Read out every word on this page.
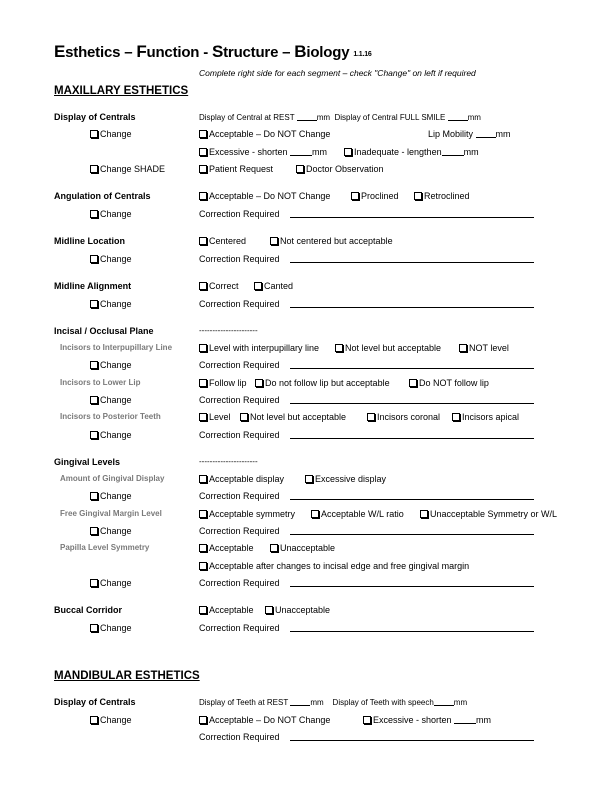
Esthetics – Function - Structure – Biology 1.1.16
Complete right side for each segment – check "Change" on left if required
MAXILLARY ESTHETICS
Display of Centrals	Display of Central at REST	mm Display of Central FULL SMILE	mm
Change	Acceptable – Do NOT Change	Lip Mobility	mm
Excessive - shorten	mm	Inadequate - lengthen mm
Change SHADE	Patient Request	Doctor Observation
Angulation of Centrals	Acceptable – Do NOT Change	Proclined	Retroclined
Change	Correction Required
Midline Location	Centered	Not centered but acceptable
Change	Correction Required
Midline Alignment	Correct	Canted
Change	Correction Required
Incisal / Occlusal Plane	----------------------
Incisors to Interpupillary Line	Level with interpupillary line	Not level but acceptable	NOT level
Change	Correction Required
Incisors to Lower Lip	Follow lip	Do not follow lip but acceptable	Do NOT follow lip
Change	Correction Required
Incisors to Posterior Teeth	Level	Not level but acceptable	Incisors coronal	Incisors apical
Change	Correction Required
Gingival Levels	----------------------
Amount of Gingival Display	Acceptable display	Excessive display
Change	Correction Required
Free Gingival Margin Level	Acceptable symmetry	Acceptable W/L ratio	Unacceptable Symmetry or W/L
Change	Correction Required
Papilla Level Symmetry	Acceptable	Unacceptable
Acceptable after changes to incisal edge and free gingival margin
Change	Correction Required
Buccal Corridor	Acceptable	Unacceptable
Change	Correction Required
MANDIBULAR ESTHETICS
Display of Centrals	Display of Teeth at REST	mm Display of Teeth with speech	mm
Change	Acceptable – Do NOT Change	Excessive - shorten	mm
Correction Required
